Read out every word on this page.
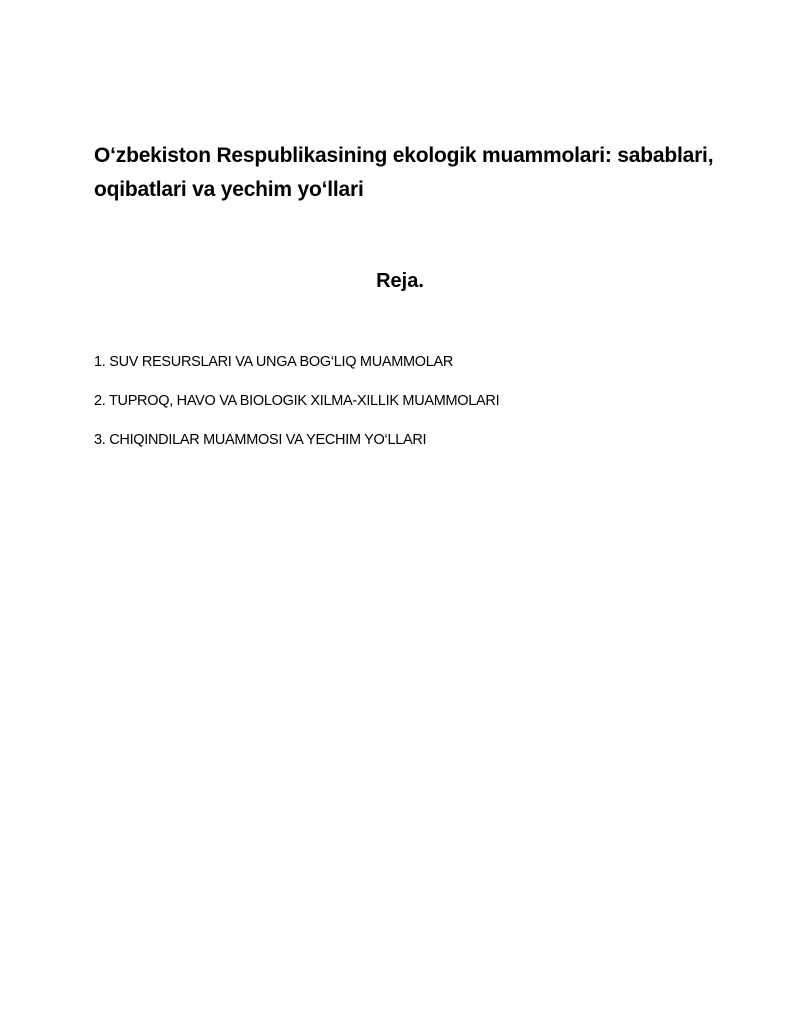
O‘zbekiston Respublikasining ekologik muammolari: sabablari, oqibatlari va yechim yo‘llari
Reja.
1. SUV RESURSLARI VA UNGA BOG‘LIQ MUAMMOLAR
2. TUPROQ, HAVO VA BIOLOGIK XILMA-XILLIK MUAMMOLARI
3. CHIQINDILAR MUAMMOSI VA YECHIM YO‘LLARI
